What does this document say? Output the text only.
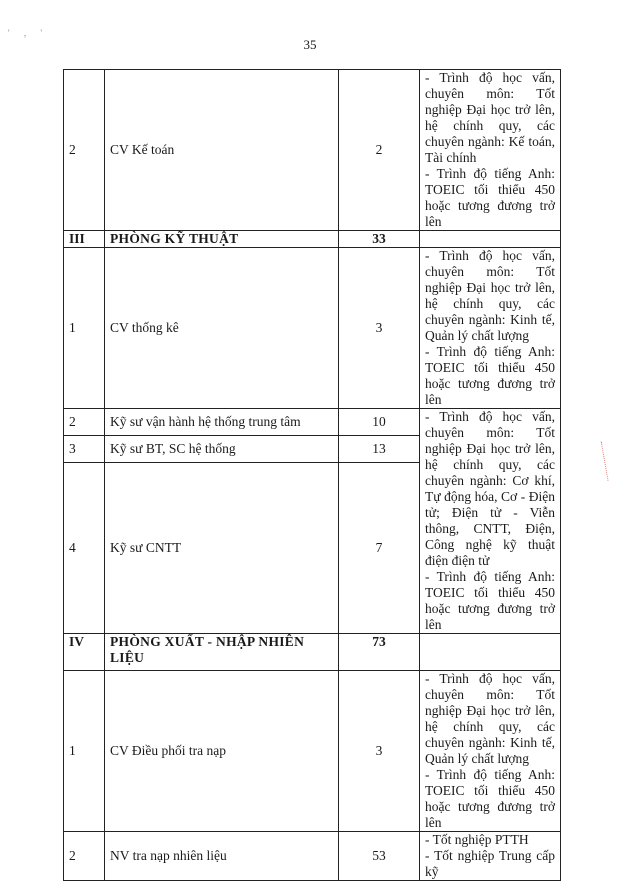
' , '
35
2	CV Kế toán	2	- Trình độ học vấn, chuyên môn: Tốt nghiệp Đại học trở lên, hệ chính quy, các chuyên ngành: Kế toán, Tài chính
- Trình độ tiếng Anh: TOEIC tối thiểu 450 hoặc tương đương trở lên

III	PHÒNG KỸ THUẬT	33	
1	CV thống kê	3	- Trình độ học vấn, chuyên môn: Tốt nghiệp Đại học trở lên, hệ chính quy, các chuyên ngành: Kinh tế, Quản lý chất lượng
- Trình độ tiếng Anh: TOEIC tối thiểu 450 hoặc tương đương trở lên

2	Kỹ sư vận hành hệ thống trung tâm	10	- Trình độ học vấn, chuyên môn: Tốt nghiệp Đại học trở lên, hệ chính quy, các chuyên ngành: Cơ khí, Tự động hóa, Cơ - Điện tử; Điện tử - Viễn thông, CNTT, Điện, Công nghệ kỹ thuật điện điện tử
- Trình độ tiếng Anh: TOEIC tối thiểu 450 hoặc tương đương trở lên

3	Kỹ sư BT, SC hệ thống	13	
4	Kỹ sư CNTT	7	
IV	PHÒNG XUẤT - NHẬP NHIÊN LIỆU	73	
1	CV Điều phối tra nạp	3	- Trình độ học vấn, chuyên môn: Tốt nghiệp Đại học trở lên, hệ chính quy, các chuyên ngành: Kinh tế, Quản lý chất lượng
- Trình độ tiếng Anh: TOEIC tối thiểu 450 hoặc tương đương trở lên

2	NV tra nạp nhiên liệu	53	- Tốt nghiệp PTTH
- Tốt nghiệp Trung cấp kỹ
